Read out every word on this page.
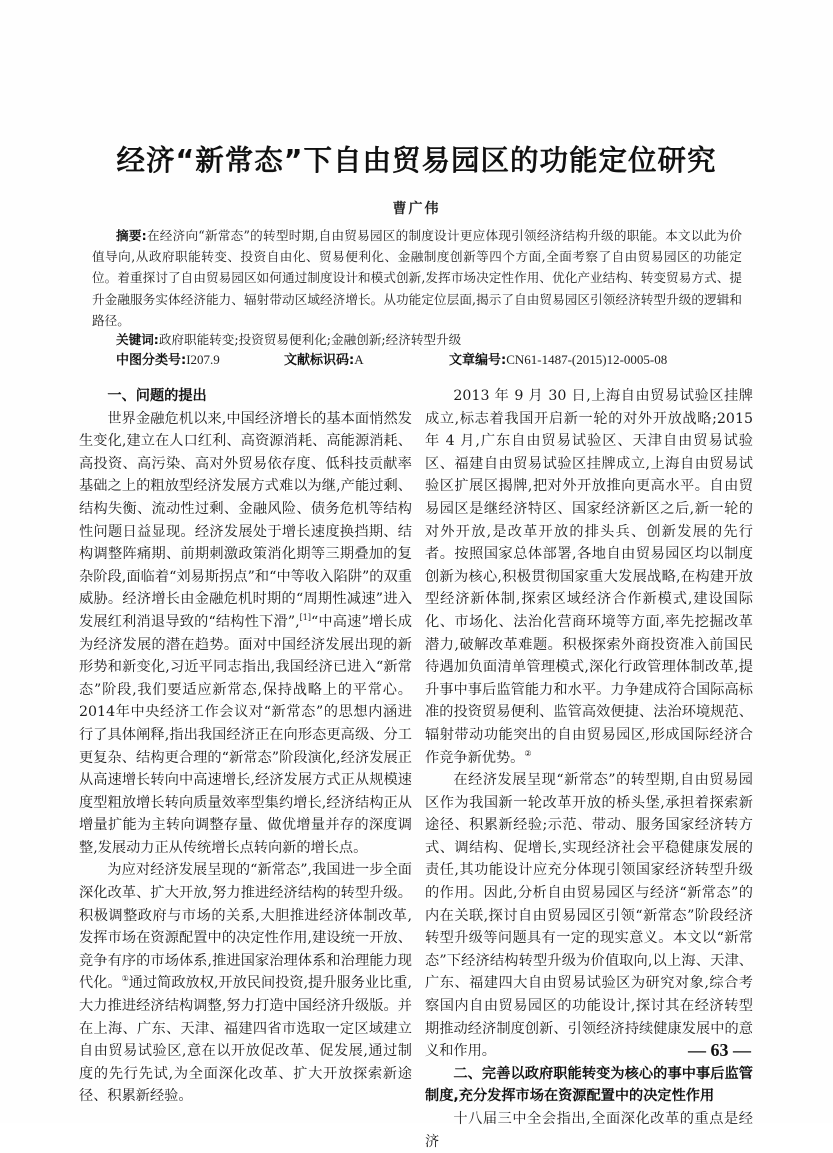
经济“新常态”下自由贸易园区的功能定位研究
曹广伟
摘要:在经济向“新常态”的转型时期,自由贸易园区的制度设计更应体现引领经济结构升级的职能。本文以此为价值导向,从政府职能转变、投资自由化、贸易便利化、金融制度创新等四个方面,全面考察了自由贸易园区的功能定位。着重探讨了自由贸易园区如何通过制度设计和模式创新,发挥市场决定性作用、优化产业结构、转变贸易方式、提升金融服务实体经济能力、辐射带动区域经济增长。从功能定位层面,揭示了自由贸易园区引领经济转型升级的逻辑和路径。
关键词:政府职能转变;投资贸易便利化;金融创新;经济转型升级
中图分类号:I207.9	文献标识码:A	文章编号:CN61-1487-(2015)12-0005-08
一、问题的提出

世界金融危机以来,中国经济增长的基本面悄然发生变化,建立在人口红利、高资源消耗、高能源消耗、高投资、高污染、高对外贸易依存度、低科技贡献率基础之上的粗放型经济发展方式难以为继,产能过剩、结构失衡、流动性过剩、金融风险、债务危机等结构性问题日益显现。经济发展处于增长速度换挡期、结构调整阵痛期、前期刺激政策消化期等三期叠加的复杂阶段,面临着“刘易斯拐点”和“中等收入陷阱”的双重威胁。经济增长由金融危机时期的“周期性减速”进入发展红利消退导致的“结构性下滑”,[1]“中高速”增长成为经济发展的潜在趋势。面对中国经济发展出现的新形势和新变化,习近平同志指出,我国经济已进入“新常态”阶段,我们要适应新常态,保持战略上的平常心。2014年中央经济工作会议对“新常态”的思想内涵进行了具体阐释,指出我国经济正在向形态更高级、分工更复杂、结构更合理的“新常态”阶段演化,经济发展正从高速增长转向中高速增长,经济发展方式正从规模速度型粗放增长转向质量效率型集约增长,经济结构正从增量扩能为主转向调整存量、做优增量并存的深度调整,发展动力正从传统增长点转向新的增长点。

为应对经济发展呈现的“新常态”,我国进一步全面深化改革、扩大开放,努力推进经济结构的转型升级。积极调整政府与市场的关系,大胆推进经济体制改革,发挥市场在资源配置中的决定性作用,建设统一开放、竞争有序的市场体系,推进国家治理体系和治理能力现代化。①通过简政放权,开放民间投资,提升服务业比重,大力推进经济结构调整,努力打造中国经济升级版。并在上海、广东、天津、福建四省市选取一定区域建立自由贸易试验区,意在以开放促改革、促发展,通过制度的先行先试,为全面深化改革、扩大开放探索新途径、积累新经验。

2013 年 9 月 30 日,上海自由贸易试验区挂牌成立,标志着我国开启新一轮的对外开放战略;2015 年 4 月,广东自由贸易试验区、天津自由贸易试验区、福建自由贸易试验区挂牌成立,上海自由贸易试验区扩展区揭牌,把对外开放推向更高水平。自由贸易园区是继经济特区、国家经济新区之后,新一轮的对外开放,是改革开放的排头兵、创新发展的先行者。按照国家总体部署,各地自由贸易园区均以制度创新为核心,积极贯彻国家重大发展战略,在构建开放型经济新体制,探索区域经济合作新模式,建设国际化、市场化、法治化营商环境等方面,率先挖掘改革潜力,破解改革难题。积极探索外商投资准入前国民待遇加负面清单管理模式,深化行政管理体制改革,提升事中事后监管能力和水平。力争建成符合国际高标准的投资贸易便利、监管高效便捷、法治环境规范、辐射带动功能突出的自由贸易园区,形成国际经济合作竞争新优势。②

在经济发展呈现“新常态”的转型期,自由贸易园区作为我国新一轮改革开放的桥头堡,承担着探索新途径、积累新经验;示范、带动、服务国家经济转方式、调结构、促增长,实现经济社会平稳健康发展的责任,其功能设计应充分体现引领国家经济转型升级的作用。因此,分析自由贸易园区与经济“新常态”的内在关联,探讨自由贸易园区引领“新常态”阶段经济转型升级等问题具有一定的现实意义。本文以“新常态”下经济结构转型升级为价值取向,以上海、天津、广东、福建四大自由贸易试验区为研究对象,综合考察国内自由贸易园区的功能设计,探讨其在经济转型期推动经济制度创新、引领经济持续健康发展中的意义和作用。

二、完善以政府职能转变为核心的事中事后监管制度,充分发挥市场在资源配置中的决定性作用

十八届三中全会指出,全面深化改革的重点是经济

— 63 —
